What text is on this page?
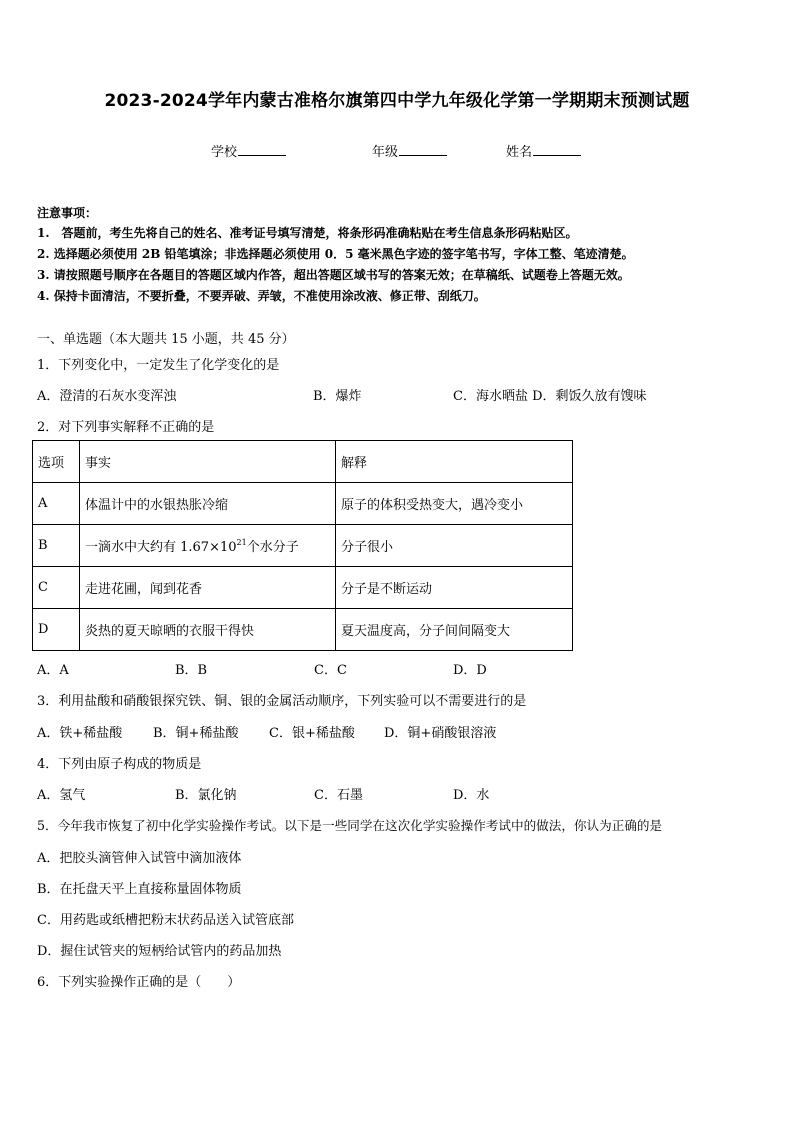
2023-2024学年内蒙古准格尔旗第四中学九年级化学第一学期期末预测试题
学校	年级	姓名
注意事项：
1.　答题前，考生先将自己的姓名、准考证号填写清楚，将条形码准确粘贴在考生信息条形码粘贴区。
2. 选择题必须使用 2B 铅笔填涂；非选择题必须使用 0．5 毫米黑色字迹的签字笔书写，字体工整、笔迹清楚。
3. 请按照题号顺序在各题目的答题区域内作答，超出答题区域书写的答案无效；在草稿纸、试题卷上答题无效。
4. 保持卡面清洁，不要折叠，不要弄破、弄皱，不准使用涂改液、修正带、刮纸刀。
一、单选题（本大题共 15 小题，共 45 分）
1．下列变化中，一定发生了化学变化的是
A．澄清的石灰水变浑浊	B．爆炸	C．海水晒盐 D．剩饭久放有馊味
2．对下列事实解释不正确的是
选项	事实	解释
A	体温计中的水银热胀冷缩	原子的体积受热变大，遇冷变小
B	一滴水中大约有 $1.67\times 10^{21}$个水分子	分子很小
C	走进花圃，闻到花香	分子是不断运动
D	炎热的夏天晾晒的衣服干得快	夏天温度高，分子间间隔变大
A．A	B．B	C．C	D．D
3．利用盐酸和硝酸银探究铁、铜、银的金属活动顺序，下列实验可以不需要进行的是
A．铁+稀盐酸 B．铜+稀盐酸 C．银+稀盐酸 D．铜+硝酸银溶液
4．下列由原子构成的物质是
A．氢气	B．氯化钠	C．石墨	D．水
5．今年我市恢复了初中化学实验操作考试。以下是一些同学在这次化学实验操作考试中的做法，你认为正确的是
A．把胶头滴管伸入试管中滴加液体
B．在托盘天平上直接称量固体物质
C．用药匙或纸槽把粉末状药品送入试管底部
D．握住试管夹的短柄给试管内的药品加热
6．下列实验操作正确的是（　　）
